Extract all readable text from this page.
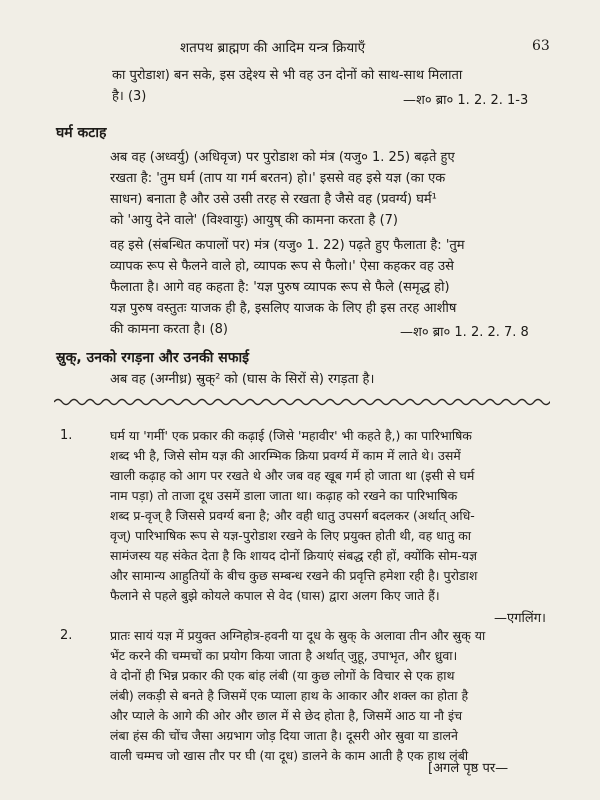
शतपथ ब्राह्मण की आदिम यन्त्र क्रियाएँ	63
का पुरोडाश) बन सके, इस उद्देश्य से भी वह उन दोनों को साथ-साथ मिलाता
है। (3)	—श० ब्रा० 1. 2. 2. 1-3
घर्म कटाह
अब वह (अध्वर्यु) (अधिवृज) पर पुरोडाश को मंत्र (यजु० 1. 25) बढ़ते हुए
रखता है: 'तुम घर्म (ताप या गर्म बरतन) हो।' इससे वह इसे यज्ञ (का एक
साधन) बनाता है और उसे उसी तरह से रखता है जैसे वह (प्रवर्ग्य) घर्म¹
को 'आयु देने वाले' (विश्वायुः) आयुष् की कामना करता है (7)
वह इसे (संबन्धित कपालों पर) मंत्र (यजु० 1. 22) पढ़ते हुए फैलाता है: 'तुम
व्यापक रूप से फैलने वाले हो, व्यापक रूप से फैलो।' ऐसा कहकर वह उसे
फैलाता है। आगे वह कहता है: 'यज्ञ पुरुष व्यापक रूप से फैले (समृद्ध हो)
यज्ञ पुरुष वस्तुतः याजक ही है, इसलिए याजक के लिए ही इस तरह आशीष
की कामना करता है। (8)	—श० ब्रा० 1. 2. 2. 7. 8
स्रुक्, उनको रगड़ना और उनकी सफाई
अब वह (अग्नीध्र) स्रुक्² को (घास के सिरों से) रगड़ता है।
1.	घर्म या 'गर्मी' एक प्रकार की कढ़ाई (जिसे 'महावीर' भी कहते है,) का पारिभाषिक
शब्द भी है, जिसे सोम यज्ञ की आरम्भिक क्रिया प्रवर्ग्य में काम में लाते थे। उसमें
खाली कढ़ाह को आग पर रखते थे और जब वह खूब गर्म हो जाता था (इसी से घर्म
नाम पड़ा) तो ताजा दूध उसमें डाला जाता था। कढ़ाह को रखने का पारिभाषिक
शब्द प्र-वृज् है जिससे प्रवर्ग्य बना है; और वही धातु उपसर्ग बदलकर (अर्थात् अधि-
वृज्) पारिभाषिक रूप से यज्ञ-पुरोडाश रखने के लिए प्रयुक्त होती थी, वह धातु का
सामंजस्य यह संकेत देता है कि शायद दोनों क्रियाएं संबद्ध रही हों, क्योंकि सोम-यज्ञ
और सामान्य आहुतियों के बीच कुछ सम्बन्ध रखने की प्रवृत्ति हमेशा रही है। पुरोडाश
फैलाने से पहले बुझे कोयले कपाल से वेद (घास) द्वारा अलग किए जाते हैं।
—एगलिंग।
2.	प्रातः सायं यज्ञ में प्रयुक्त अग्निहोत्र-हवनी या दूध के स्रुक् के अलावा तीन और स्रुक् या
भेंट करने की चम्मचों का प्रयोग किया जाता है अर्थात् जुहू, उपाभृत, और ध्रुवा।
वे दोनों ही भिन्न प्रकार की एक बांह लंबी (या कुछ लोगों के विचार से एक हाथ
लंबी) लकड़ी से बनते है जिसमें एक प्याला हाथ के आकार और शक्ल का होता है
और प्याले के आगे की ओर और छाल में से छेद होता है, जिसमें आठ या नौ इंच
लंबा हंस की चोंच जैसा अग्रभाग जोड़ दिया जाता है। दूसरी ओर स्रुवा या डालने
वाली चम्मच जो खास तौर पर घी (या दूध) डालने के काम आती है एक हाथ लंबी
[अगले पृष्ठ पर—
